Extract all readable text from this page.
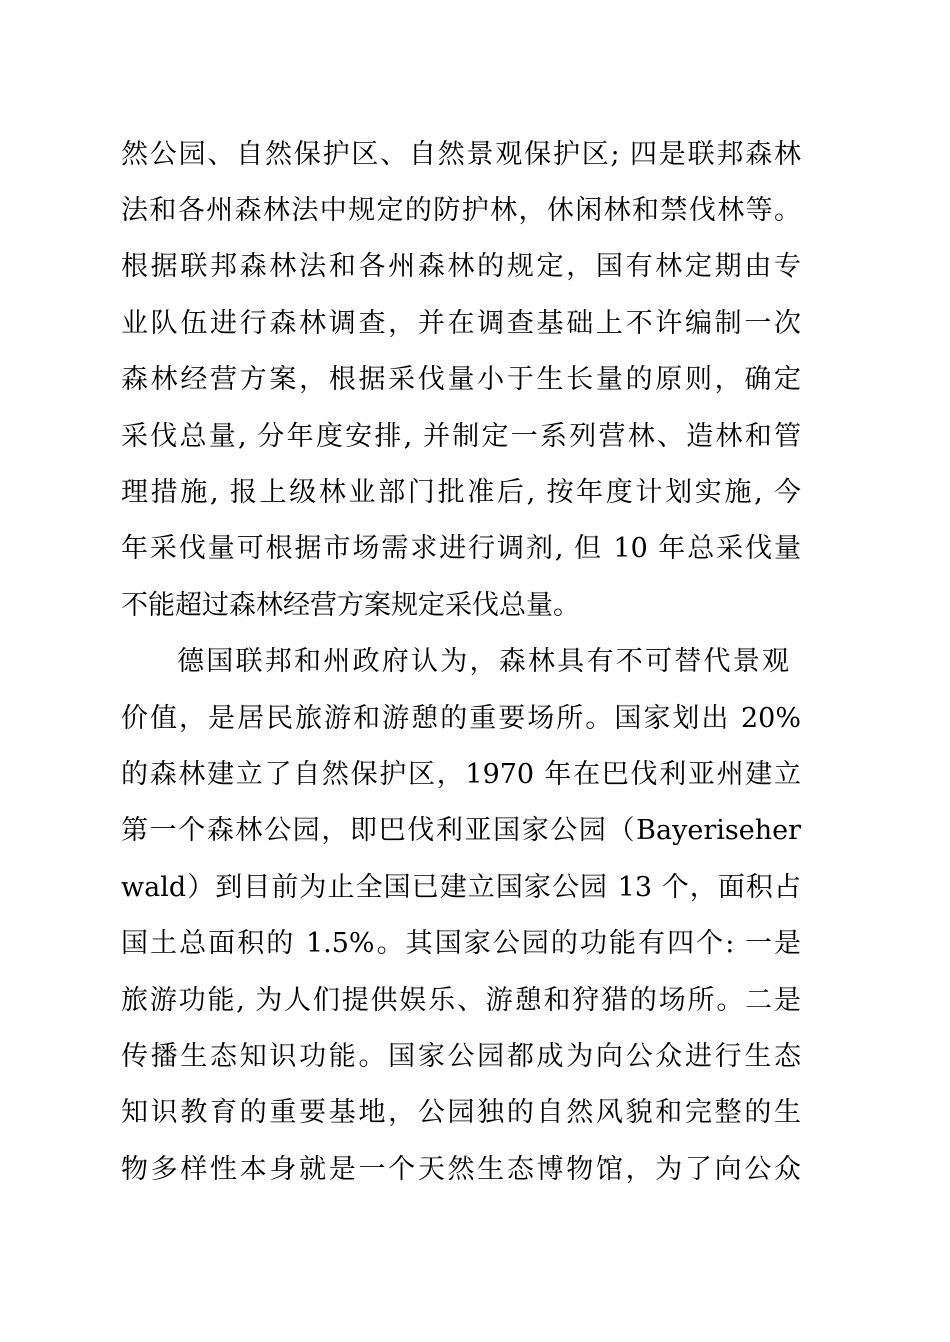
然公园、自然保护区、自然景观保护区; 四是联邦森林
法和各州森林法中规定的防护林，休闲林和禁伐林等。
根据联邦森林法和各州森林的规定，国有林定期由专
业队伍进行森林调查，并在调查基础上不许编制一次
森林经营方案，根据采伐量小于生长量的原则，确定
采伐总量, 分年度安排, 并制定一系列营林、造林和管
理措施, 报上级林业部门批准后, 按年度计划实施, 今
年采伐量可根据市场需求进行调剂, 但 10 年总采伐量
不能超过森林经营方案规定采伐总量。
德国联邦和州政府认为，森林具有不可替代景观
价值，是居民旅游和游憩的重要场所。国家划出 20%
的森林建立了自然保护区，1970 年在巴伐利亚州建立
第一个森林公园，即巴伐利亚国家公园（Bayeriseher
wald）到目前为止全国已建立国家公园 13 个，面积占
国土总面积的 1.5%。其国家公园的功能有四个: 一是
旅游功能, 为人们提供娱乐、游憩和狩猎的场所。二是
传播生态知识功能。国家公园都成为向公众进行生态
知识教育的重要基地，公园独的自然风貌和完整的生
物多样性本身就是一个天然生态博物馆，为了向公众
